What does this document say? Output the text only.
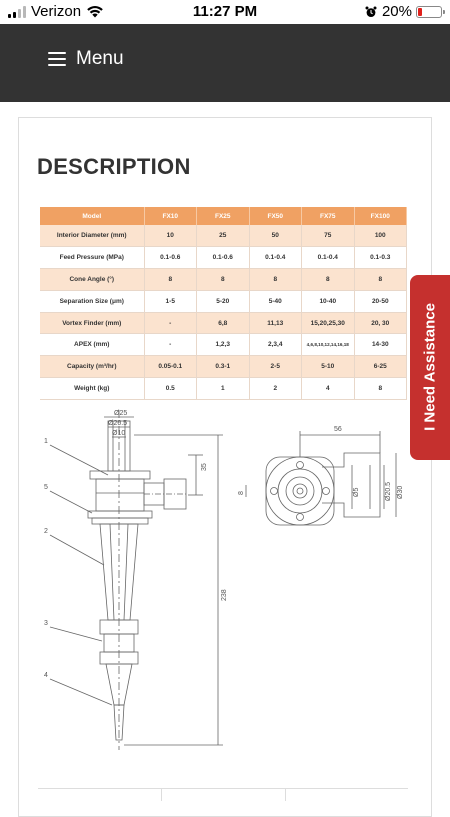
Verizon	11:27 PM	20%
Menu
DESCRIPTION
Model	FX10	FX25	FX50	FX75	FX100
Interior Diameter (mm)	10	25	50	75	100
Feed Pressure (MPa)	0.1-0.6	0.1-0.6	0.1-0.4	0.1-0.4	0.1-0.3
Cone Angle (°)	8	8	8	8	8
Separation Size (μm)	1-5	5-20	5-40	10-40	20-50
Vortex Finder (mm)	-	6,8	11,13	15,20,25,30	20, 30
APEX (mm)	-	1,2,3	2,3,4	4,6,8,10,12,14,16,18	14-30
Capacity (m³/hr)	0.05-0.1	0.3-1	2-5	5-10	6-25
Weight (kg)	0.5	1	2	4	8
Ø25
Ø20.5
Ø10
1
5
2
3
4
35
238
56
8	Ø5	Ø20.5 Ø30
I Need Assistance
